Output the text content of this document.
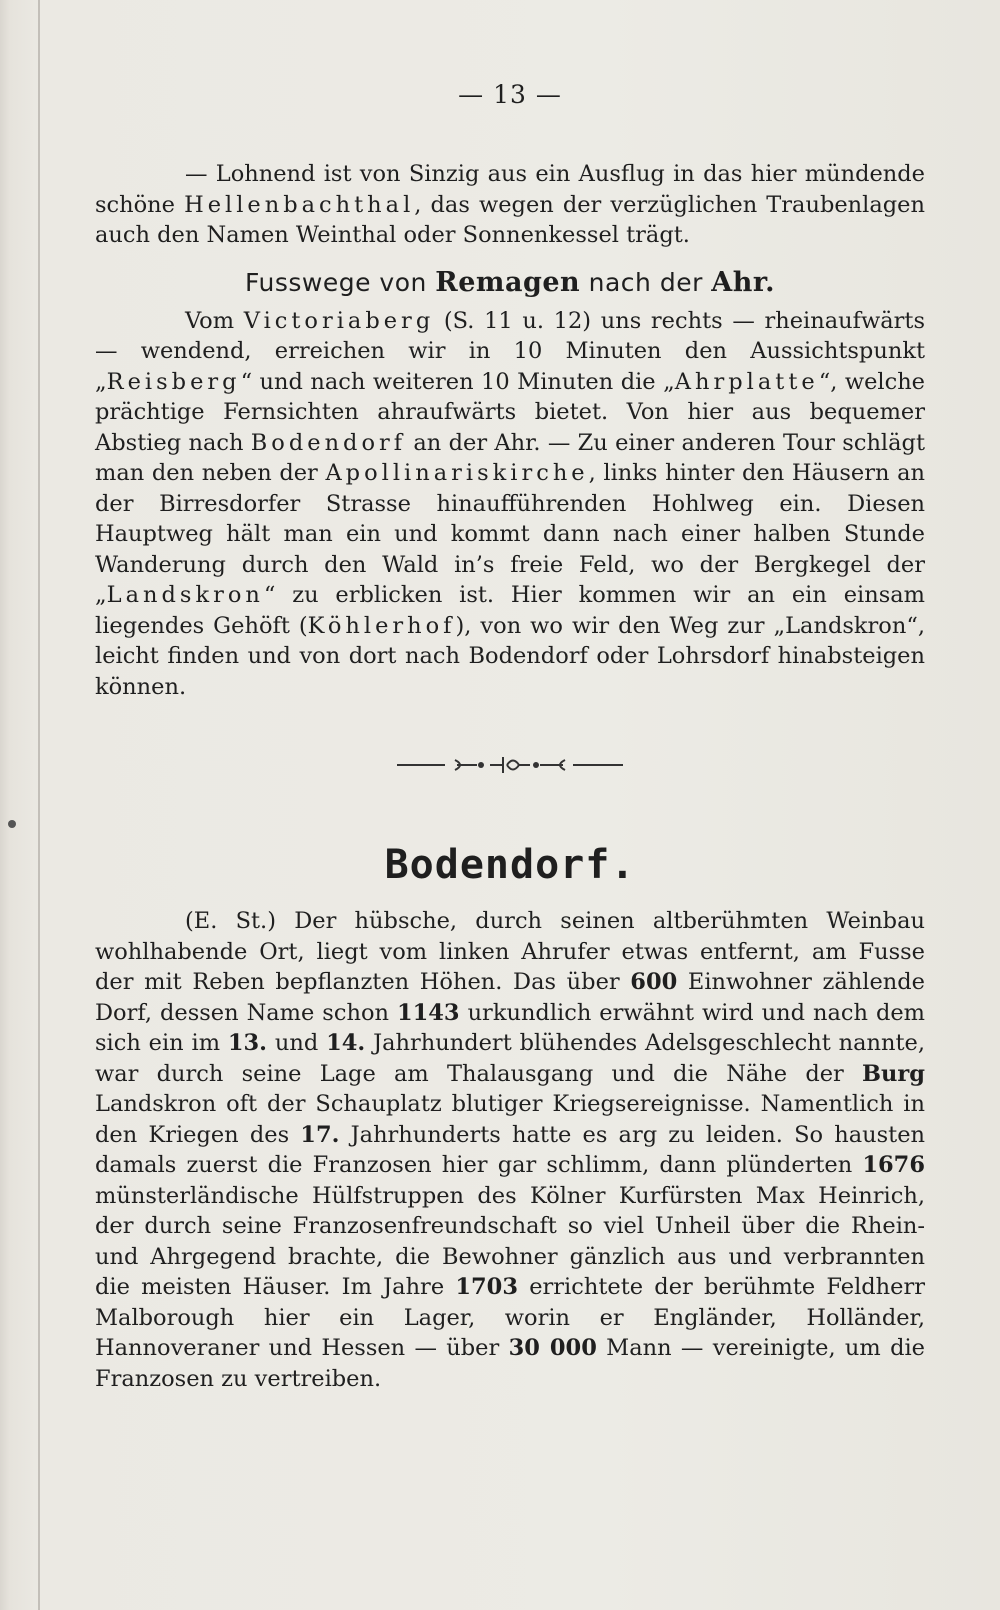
— 13 —

— Lohnend ist von Sinzig aus ein Ausflug in das hier mündende schöne Hellenbachthal, das wegen der verzüglichen Traubenlagen auch den Namen Weinthal oder Sonnenkessel trägt.

Fusswege von Remagen nach der Ahr.

Vom Victoriaberg (S. 11 u. 12) uns rechts — rheinaufwärts — wendend, erreichen wir in 10 Minuten den Aussichtspunkt „Reisberg“ und nach weiteren 10 Minuten die „Ahrplatte“, welche prächtige Fernsichten ahraufwärts bietet. Von hier aus bequemer Abstieg nach Bodendorf an der Ahr. — Zu einer anderen Tour schlägt man den neben der Apollinariskirche, links hinter den Häusern an der Birresdorfer Strasse hinaufführenden Hohlweg ein. Diesen Hauptweg hält man ein und kommt dann nach einer halben Stunde Wanderung durch den Wald in’s freie Feld, wo der Bergkegel der „Landskron“ zu erblicken ist. Hier kommen wir an ein einsam liegendes Gehöft (Köhlerhof), von wo wir den Weg zur „Landskron“, leicht finden und von dort nach Bodendorf oder Lohrsdorf hinabsteigen können.

Bodendorf.

(E. St.) Der hübsche, durch seinen altberühmten Weinbau wohlhabende Ort, liegt vom linken Ahrufer etwas entfernt, am Fusse der mit Reben bepflanzten Höhen. Das über 600 Einwohner zählende Dorf, dessen Name schon 1143 urkundlich erwähnt wird und nach dem sich ein im 13. und 14. Jahrhundert blühendes Adelsgeschlecht nannte, war durch seine Lage am Thalausgang und die Nähe der Burg Landskron oft der Schauplatz blutiger Kriegsereignisse. Namentlich in den Kriegen des 17. Jahrhunderts hatte es arg zu leiden. So hausten damals zuerst die Franzosen hier gar schlimm, dann plünderten 1676 münsterländische Hülfstruppen des Kölner Kurfürsten Max Heinrich, der durch seine Franzosenfreundschaft so viel Unheil über die Rhein- und Ahrgegend brachte, die Bewohner gänzlich aus und verbrannten die meisten Häuser. Im Jahre 1703 errichtete der berühmte Feldherr Malborough hier ein Lager, worin er Engländer, Holländer, Hannoveraner und Hessen — über 30 000 Mann — vereinigte, um die Franzosen zu vertreiben.
